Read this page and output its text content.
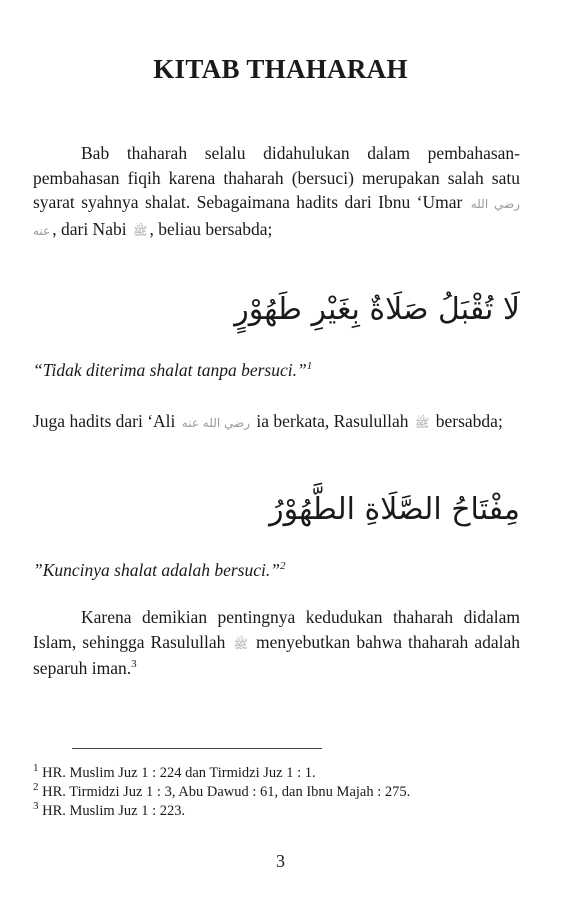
KITAB THAHARAH

Bab thaharah selalu didahulukan dalam pembahasan-pembahasan fiqih karena thaharah (bersuci) merupakan salah satu syarat syahnya shalat. Sebagaimana hadits dari Ibnu ‘Umar رضي الله عنه , dari Nabi ﷺ , beliau bersabda;

لَا تُقْبَلُ صَلَاةٌ بِغَيْرِ طَهُوْرٍ
“Tidak diterima shalat tanpa bersuci.”$^1$

Juga hadits dari ‘Ali رضي الله عنه ia berkata, Rasulullah ﷺ bersabda;

مِفْتَاحُ الصَّلَاةِ الطَّهُوْرُ
”Kuncinya shalat adalah bersuci.”$^2$

Karena demikian pentingnya kedudukan thaharah didalam Islam, sehingga Rasulullah ﷺ menyebutkan bahwa thaharah adalah separuh iman.$^3$

$^1$ HR. Muslim Juz 1 : 224 dan Tirmidzi Juz 1 : 1.
$^2$ HR. Tirmidzi Juz 1 : 3, Abu Dawud : 61, dan Ibnu Majah : 275.
$^3$ HR. Muslim Juz 1 : 223.
3
